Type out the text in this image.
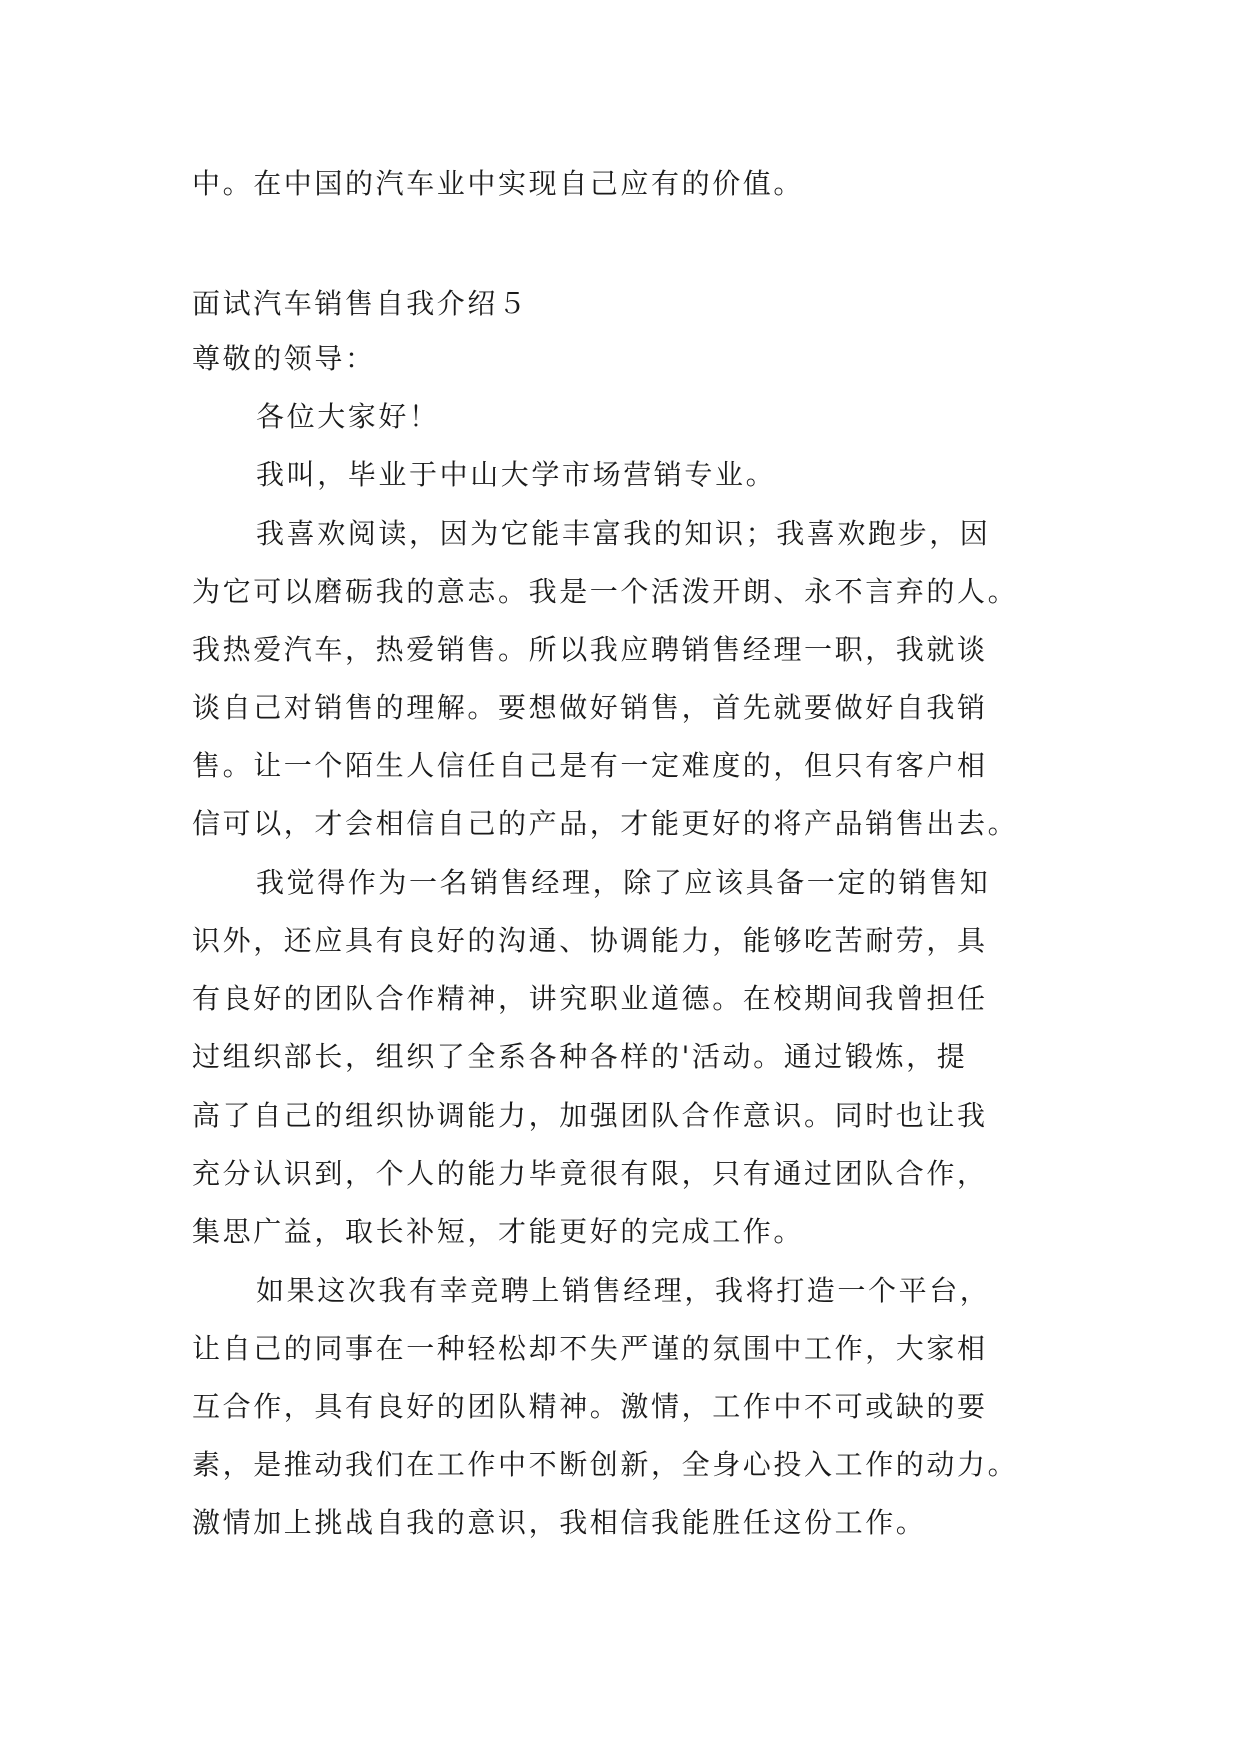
中。在中国的汽车业中实现自己应有的价值。
面试汽车销售自我介绍５
尊敬的领导：
各位大家好！
我叫，毕业于中山大学市场营销专业。
我喜欢阅读，因为它能丰富我的知识；我喜欢跑步，因
为它可以磨砺我的意志。我是一个活泼开朗、永不言弃的人。
我热爱汽车，热爱销售。所以我应聘销售经理一职，我就谈
谈自己对销售的理解。要想做好销售，首先就要做好自我销
售。让一个陌生人信任自己是有一定难度的，但只有客户相
信可以，才会相信自己的产品，才能更好的将产品销售出去。
我觉得作为一名销售经理，除了应该具备一定的销售知
识外，还应具有良好的沟通、协调能力，能够吃苦耐劳，具
有良好的团队合作精神，讲究职业道德。在校期间我曾担任
过组织部长，组织了全系各种各样的'活动。通过锻炼，提
高了自己的组织协调能力，加强团队合作意识。同时也让我
充分认识到，个人的能力毕竟很有限，只有通过团队合作，
集思广益，取长补短，才能更好的完成工作。
如果这次我有幸竞聘上销售经理，我将打造一个平台，
让自己的同事在一种轻松却不失严谨的氛围中工作，大家相
互合作，具有良好的团队精神。激情，工作中不可或缺的要
素，是推动我们在工作中不断创新，全身心投入工作的动力。
激情加上挑战自我的意识，我相信我能胜任这份工作。
